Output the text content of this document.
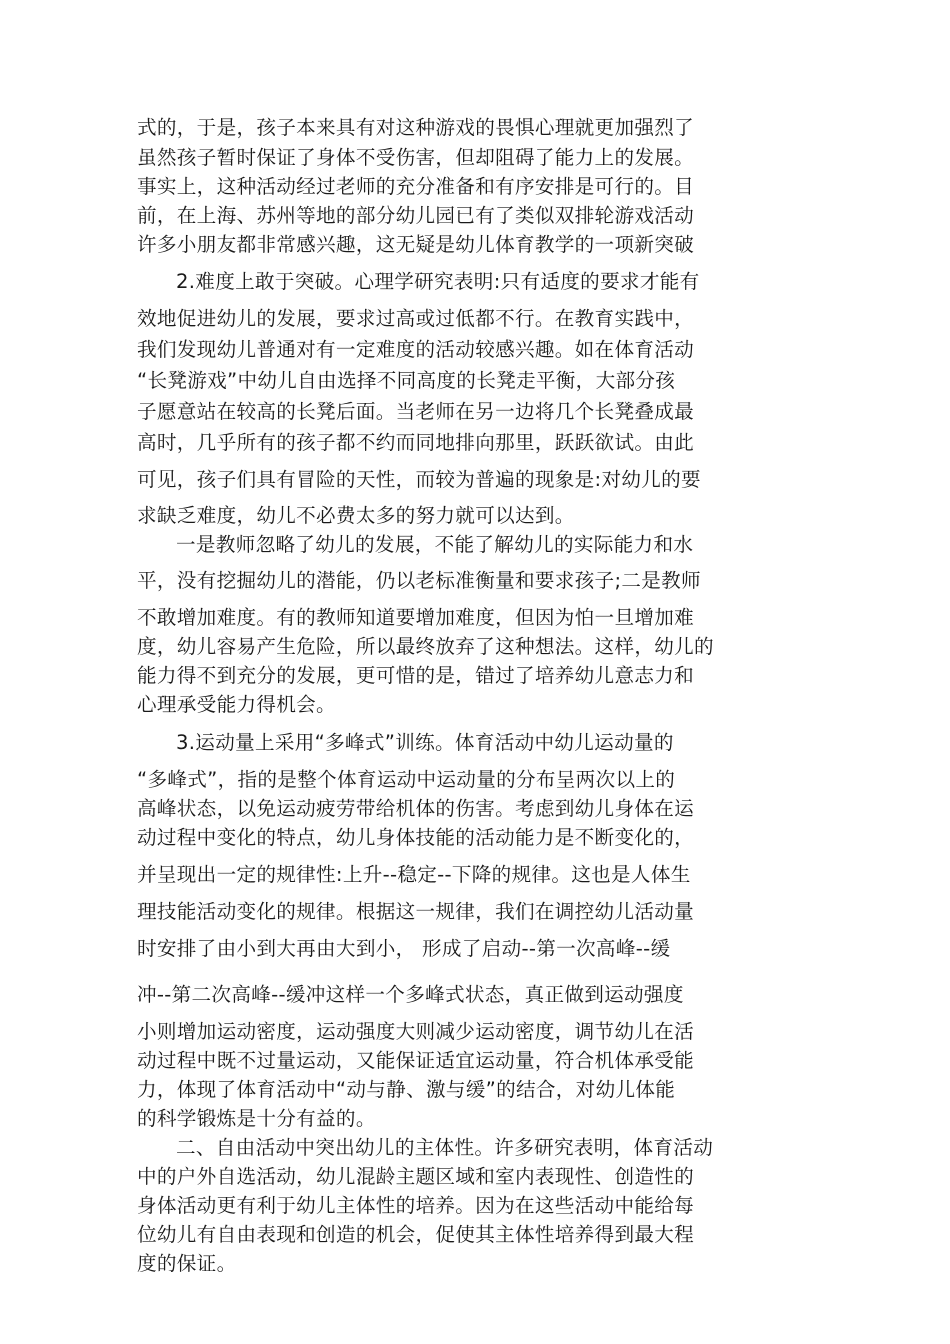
式的，于是，孩子本来具有对这种游戏的畏惧心理就更加强烈了
虽然孩子暂时保证了身体不受伤害，但却阻碍了能力上的发展。
事实上，这种活动经过老师的充分准备和有序安排是可行的。目
前，在上海、苏州等地的部分幼儿园已有了类似双排轮游戏活动
许多小朋友都非常感兴趣，这无疑是幼儿体育教学的一项新突破
2.难度上敢于突破。心理学研究表明:只有适度的要求才能有
效地促进幼儿的发展，要求过高或过低都不行。在教育实践中，
我们发现幼儿普通对有一定难度的活动较感兴趣。如在体育活动
“长凳游戏”中幼儿自由选择不同高度的长凳走平衡，大部分孩
子愿意站在较高的长凳后面。当老师在另一边将几个长凳叠成最
高时，几乎所有的孩子都不约而同地排向那里，跃跃欲试。由此
可见，孩子们具有冒险的天性，而较为普遍的现象是:对幼儿的要
求缺乏难度，幼儿不必费太多的努力就可以达到。
一是教师忽略了幼儿的发展，不能了解幼儿的实际能力和水
平，没有挖掘幼儿的潜能，仍以老标准衡量和要求孩子;二是教师
不敢增加难度。有的教师知道要增加难度，但因为怕一旦增加难
度，幼儿容易产生危险，所以最终放弃了这种想法。这样，幼儿的
能力得不到充分的发展，更可惜的是，错过了培养幼儿意志力和
心理承受能力得机会。
3.运动量上采用“多峰式”训练。体育活动中幼儿运动量的
“多峰式”，指的是整个体育运动中运动量的分布呈两次以上的
高峰状态，以免运动疲劳带给机体的伤害。考虑到幼儿身体在运
动过程中变化的特点，幼儿身体技能的活动能力是不断变化的，
并呈现出一定的规律性:上升--稳定--下降的规律。这也是人体生
理技能活动变化的规律。根据这一规律，我们在调控幼儿活动量
时安排了由小到大再由大到小， 形成了启动--第一次高峰--缓
冲--第二次高峰--缓冲这样一个多峰式状态，真正做到运动强度
小则增加运动密度，运动强度大则减少运动密度，调节幼儿在活
动过程中既不过量运动，又能保证适宜运动量，符合机体承受能
力，体现了体育活动中“动与静、激与缓”的结合，对幼儿体能
的科学锻炼是十分有益的。
二、自由活动中突出幼儿的主体性。许多研究表明，体育活动
中的户外自选活动，幼儿混龄主题区域和室内表现性、创造性的
身体活动更有利于幼儿主体性的培养。因为在这些活动中能给每
位幼儿有自由表现和创造的机会，促使其主体性培养得到最大程
度的保证。
